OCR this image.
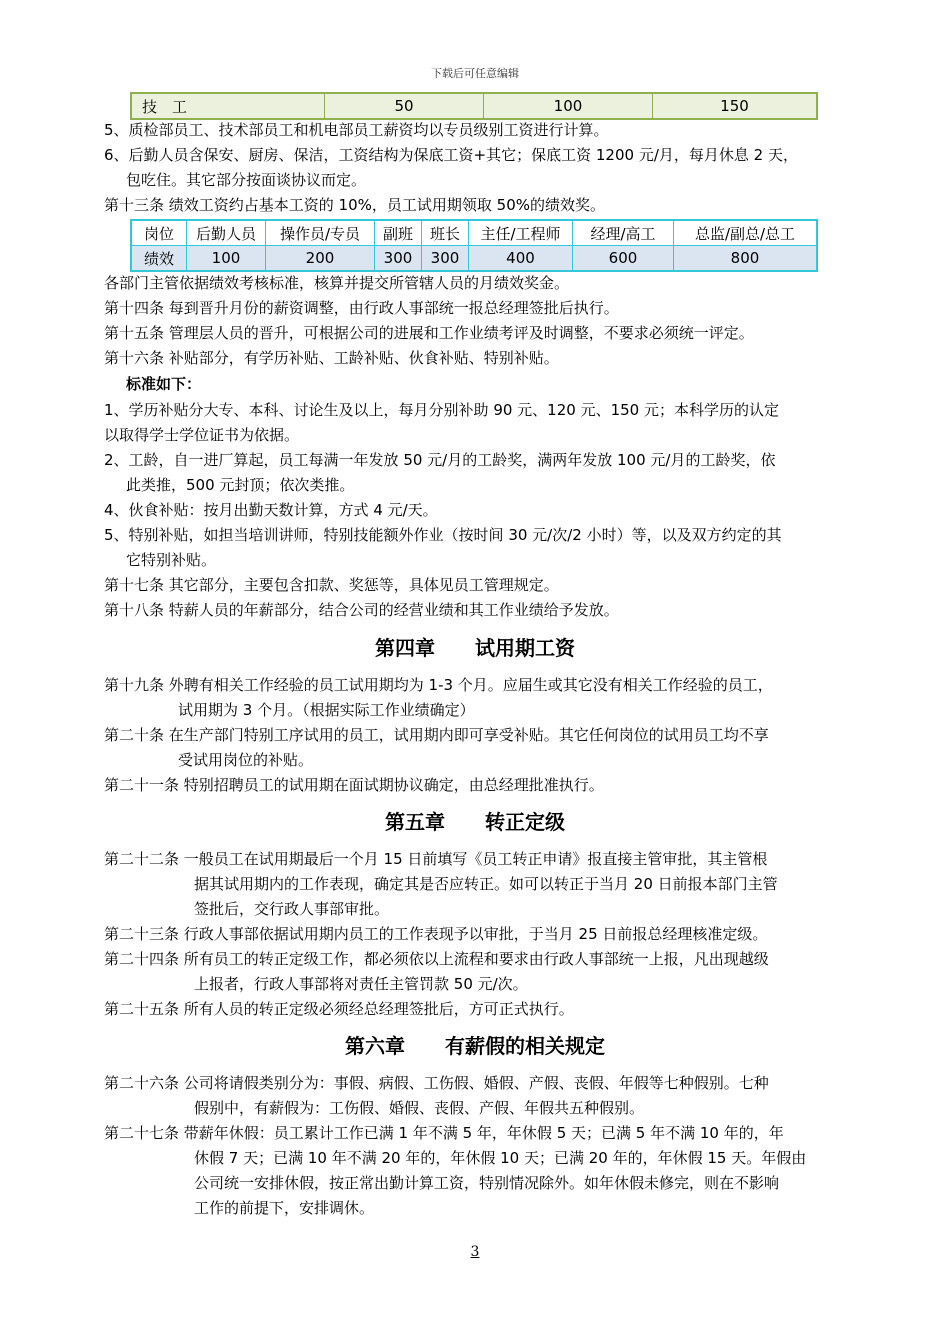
下载后可任意编辑
技　工	50	100	150
5、质检部员工、技术部员工和机电部员工薪资均以专员级别工资进行计算。
6、后勤人员含保安、厨房、保洁，工资结构为保底工资+其它；保底工资 1200 元/月，每月休息 2 天，
包吃住。其它部分按面谈协议而定。
第十三条 绩效工资约占基本工资的 10%，员工试用期领取 50%的绩效奖。
岗位	后勤人员	操作员/专员	副班	班长	主任/工程师	经理/高工	总监/副总/总工
绩效	100	200	300	300	400	600	800
各部门主管依据绩效考核标准，核算并提交所管辖人员的月绩效奖金。
第十四条 每到晋升月份的薪资调整，由行政人事部统一报总经理签批后执行。
第十五条 管理层人员的晋升，可根据公司的进展和工作业绩考评及时调整，不要求必须统一评定。
第十六条 补贴部分，有学历补贴、工龄补贴、伙食补贴、特别补贴。
标准如下：
1、学历补贴分大专、本科、讨论生及以上，每月分别补助 90 元、120 元、150 元；本科学历的认定
以取得学士学位证书为依据。
2、工龄，自一进厂算起，员工每满一年发放 50 元/月的工龄奖，满两年发放 100 元/月的工龄奖，依
此类推，500 元封顶；依次类推。
4、伙食补贴：按月出勤天数计算，方式 4 元/天。
5、特别补贴，如担当培训讲师，特别技能额外作业（按时间 30 元/次/2 小时）等，以及双方约定的其
它特别补贴。
第十七条 其它部分，主要包含扣款、奖惩等，具体见员工管理规定。
第十八条 特薪人员的年薪部分，结合公司的经营业绩和其工作业绩给予发放。
第四章　　试用期工资
第十九条 外聘有相关工作经验的员工试用期均为 1-3 个月。应届生或其它没有相关工作经验的员工，
试用期为 3 个月。（根据实际工作业绩确定）
第二十条 在生产部门特别工序试用的员工，试用期内即可享受补贴。其它任何岗位的试用员工均不享
受试用岗位的补贴。
第二十一条 特别招聘员工的试用期在面试期协议确定，由总经理批准执行。
第五章　　转正定级
第二十二条 一般员工在试用期最后一个月 15 日前填写《员工转正申请》报直接主管审批，其主管根
据其试用期内的工作表现，确定其是否应转正。如可以转正于当月 20 日前报本部门主管
签批后，交行政人事部审批。
第二十三条 行政人事部依据试用期内员工的工作表现予以审批，于当月 25 日前报总经理核准定级。
第二十四条 所有员工的转正定级工作，都必须依以上流程和要求由行政人事部统一上报，凡出现越级
上报者，行政人事部将对责任主管罚款 50 元/次。
第二十五条 所有人员的转正定级必须经总经理签批后，方可正式执行。
第六章　　有薪假的相关规定
第二十六条 公司将请假类别分为：事假、病假、工伤假、婚假、产假、丧假、年假等七种假别。七种
假别中，有薪假为：工伤假、婚假、丧假、产假、年假共五种假别。
第二十七条 带薪年休假：员工累计工作已满 1 年不满 5 年，年休假 5 天；已满 5 年不满 10 年的，年
休假 7 天；已满 10 年不满 20 年的，年休假 10 天；已满 20 年的，年休假 15 天。年假由
公司统一安排休假，按正常出勤计算工资，特别情况除外。如年休假未修完，则在不影响
工作的前提下，安排调休。
3
